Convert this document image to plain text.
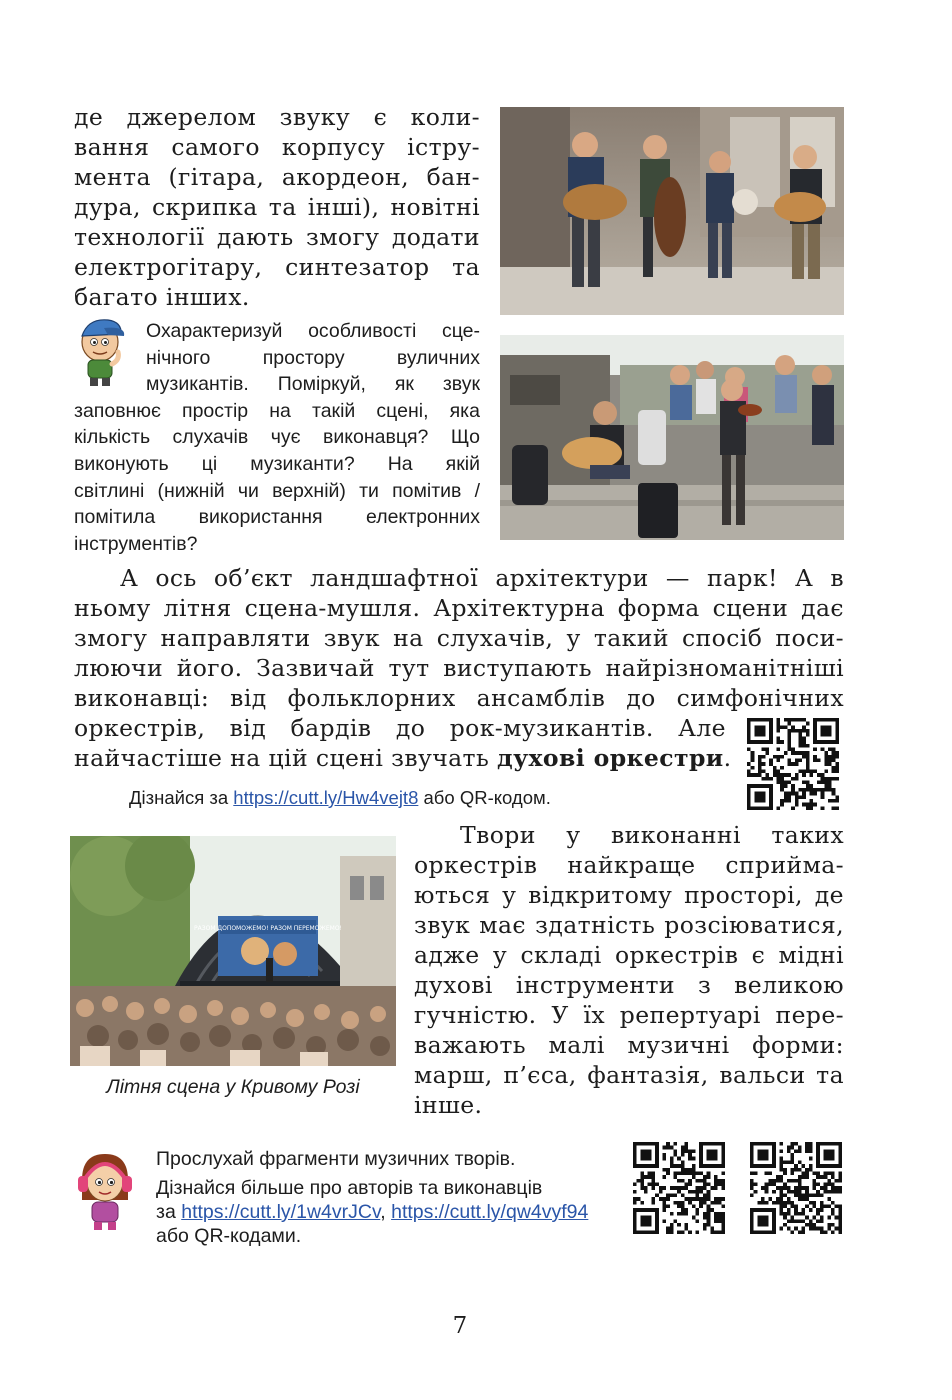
де джерелом звуку є коли-
вання самого корпусу істру-
мента (гітара, акордеон, бан-
дура, скрипка та інші), новітні
технології дають змогу додати
електрогітару, синтезатор та
багато інших.
Охарактеризуй особливості сце-
нічного простору вуличних
музикантів. Поміркуй, як звук
заповнює простір на такій сцені, яка
кількість слухачів чує виконавця? Що
виконують ці музиканти? На якій
світлині (нижній чи верхній) ти помітив /
помітила використання електронних
інструментів?
А ось об’єкт ландшафтної архітектури — парк! А в
ньому літня сцена-мушля. Архітектурна форма сцени дає
змогу направляти звук на слухачів, у такий спосіб поси-
люючи його. Зазвичай тут виступають найрізноманітніші
виконавці: від фольклорних ансамблів до симфонічних
оркестрів, від бардів до рок-музикантів. Але
найчастіше на цій сцені звучать духові оркестри.
Дізнайся за https://cutt.ly/Hw4vejt8 або QR-кодом.
РАЗОМ ДОПОМОЖЕМО! РАЗОМ ПЕРЕМОЖЕМО!
Літня сцена у Кривому Розі
Твори у виконанні таких
оркестрів найкраще сприйма-
ються у відкритому просторі, де
звук має здатність розсіюватися,
адже у складі оркестрів є мідні
духові інструменти з великою
гучністю. У їх репертуарі пере-
важають малі музичні форми:
марш, п’єса, фантазія, вальси та
інше.
Прослухай фрагменти музичних творів.
Дізнайся більше про авторів та виконавців
за https://cutt.ly/1w4vrJCv, https://cutt.ly/qw4vyf94
або QR-кодами.
7
